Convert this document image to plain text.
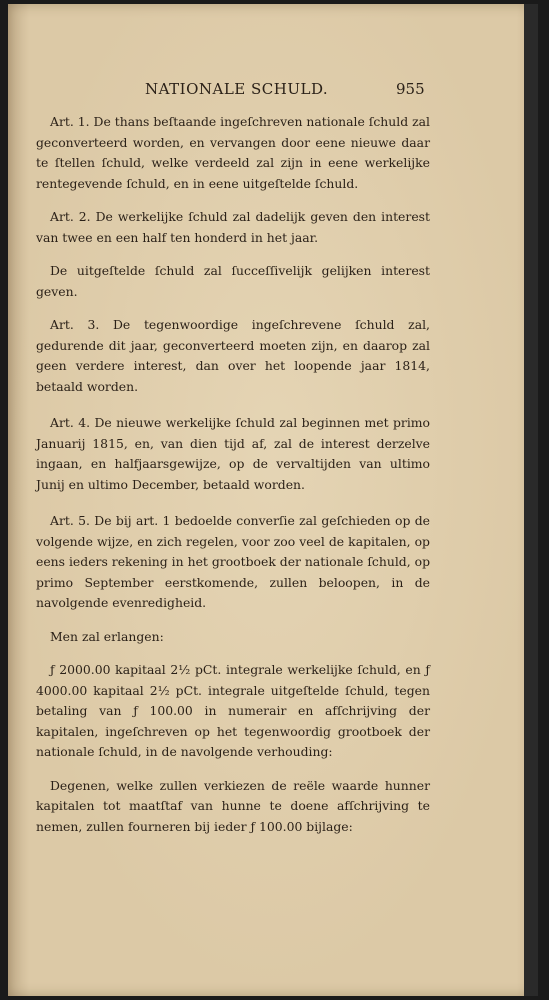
NATIONALE SCHULD.	955

Art. 1. De thans beſtaande ingeſchreven nationale ſchuld zal geconverteerd worden, en vervangen door eene nieuwe daar te ſtellen ſchuld, welke verdeeld zal zijn in eene werkelijke rentegevende ſchuld, en in eene uitgeſtelde ſchuld.

Art. 2. De werkelijke ſchuld zal dadelijk geven den interest van twee en een half ten honderd in het jaar.

De uitgeſtelde ſchuld zal ſucceſſivelijk gelijken interest geven.

Art. 3. De tegenwoordige ingeſchrevene ſchuld zal, gedurende dit jaar, geconverteerd moeten zijn, en daarop zal geen verdere interest, dan over het loopende jaar 1814, betaald worden.

Art. 4. De nieuwe werkelijke ſchuld zal beginnen met primo Januarij 1815, en, van dien tijd af, zal de interest derzelve ingaan, en halfjaarsgewijze, op de vervaltijden van ultimo Junij en ultimo December, betaald worden.

Art. 5. De bij art. 1 bedoelde converſie zal geſchieden op de volgende wijze, en zich regelen, voor zoo veel de kapitalen, op eens ieders rekening in het grootboek der nationale ſchuld, op primo September eerstkomende, zullen beloopen, in de navolgende evenredigheid.

Men zal erlangen:

ƒ 2000.00 kapitaal 2½ pCt. integrale werkelijke ſchuld, en ƒ 4000.00 kapitaal 2½ pCt. integrale uitgeſtelde ſchuld, tegen betaling van ƒ 100.00 in numerair en afſchrijving der kapitalen, ingeſchreven op het tegenwoordig grootboek der nationale ſchuld, in de navolgende verhouding:

Degenen, welke zullen verkiezen de reële waarde hunner kapitalen tot maatſtaf van hunne te doene afſchrijving te nemen, zullen fourneren bij ieder ƒ 100.00 bijlage:
